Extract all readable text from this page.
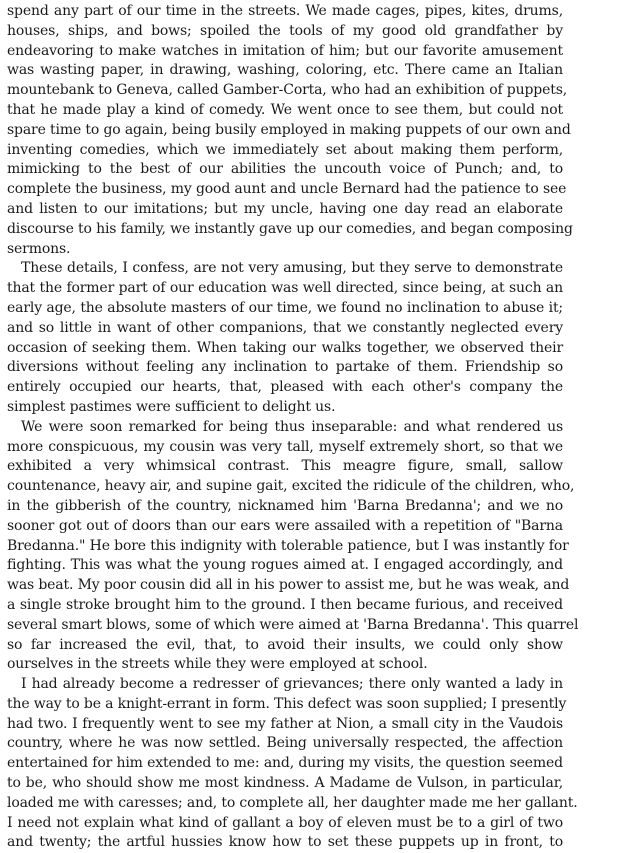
spend any part of our time in the streets. We made cages, pipes, kites, drums,
houses, ships, and bows; spoiled the tools of my good old grandfather by
endeavoring to make watches in imitation of him; but our favorite amusement
was wasting paper, in drawing, washing, coloring, etc. There came an Italian
mountebank to Geneva, called Gamber-Corta, who had an exhibition of puppets,
that he made play a kind of comedy. We went once to see them, but could not
spare time to go again, being busily employed in making puppets of our own and
inventing comedies, which we immediately set about making them perform,
mimicking to the best of our abilities the uncouth voice of Punch; and, to
complete the business, my good aunt and uncle Bernard had the patience to see
and listen to our imitations; but my uncle, having one day read an elaborate
discourse to his family, we instantly gave up our comedies, and began composing
sermons.
These details, I confess, are not very amusing, but they serve to demonstrate
that the former part of our education was well directed, since being, at such an
early age, the absolute masters of our time, we found no inclination to abuse it;
and so little in want of other companions, that we constantly neglected every
occasion of seeking them. When taking our walks together, we observed their
diversions without feeling any inclination to partake of them. Friendship so
entirely occupied our hearts, that, pleased with each other's company the
simplest pastimes were sufficient to delight us.
We were soon remarked for being thus inseparable: and what rendered us
more conspicuous, my cousin was very tall, myself extremely short, so that we
exhibited a very whimsical contrast. This meagre figure, small, sallow
countenance, heavy air, and supine gait, excited the ridicule of the children, who,
in the gibberish of the country, nicknamed him 'Barna Bredanna'; and we no
sooner got out of doors than our ears were assailed with a repetition of "Barna
Bredanna." He bore this indignity with tolerable patience, but I was instantly for
fighting. This was what the young rogues aimed at. I engaged accordingly, and
was beat. My poor cousin did all in his power to assist me, but he was weak, and
a single stroke brought him to the ground. I then became furious, and received
several smart blows, some of which were aimed at 'Barna Bredanna'. This quarrel
so far increased the evil, that, to avoid their insults, we could only show
ourselves in the streets while they were employed at school.
I had already become a redresser of grievances; there only wanted a lady in
the way to be a knight-errant in form. This defect was soon supplied; I presently
had two. I frequently went to see my father at Nion, a small city in the Vaudois
country, where he was now settled. Being universally respected, the affection
entertained for him extended to me: and, during my visits, the question seemed
to be, who should show me most kindness. A Madame de Vulson, in particular,
loaded me with caresses; and, to complete all, her daughter made me her gallant.
I need not explain what kind of gallant a boy of eleven must be to a girl of two
and twenty; the artful hussies know how to set these puppets up in front, to
